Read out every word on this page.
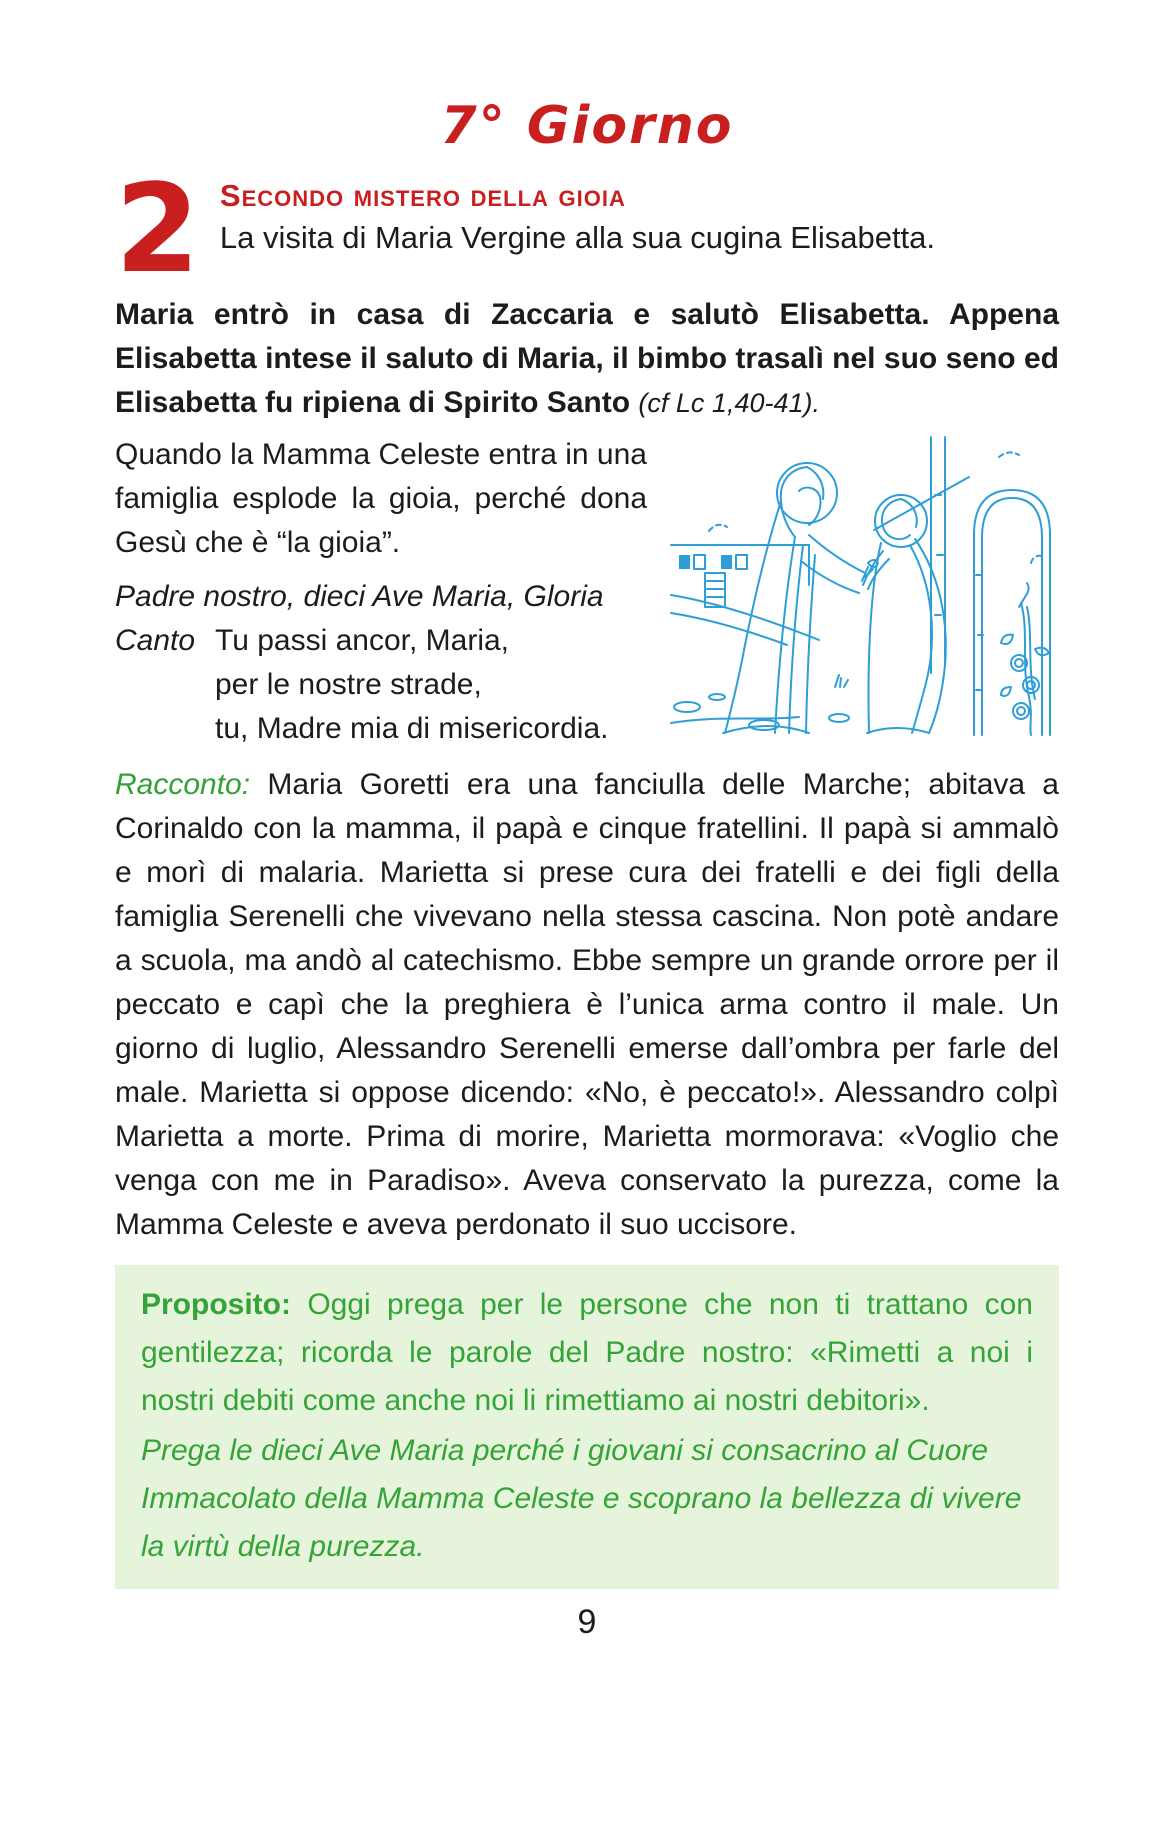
7° Giorno
2 Secondo mistero della gioia
La visita di Maria Vergine alla sua cugina Elisabetta.

Maria entrò in casa di Zaccaria e salutò Elisabetta. Appena Elisabetta intese il saluto di Maria, il bimbo trasalì nel suo seno ed Elisabetta fu ripiena di Spirito Santo (cf Lc 1,40-41).

Quando la Mamma Celeste entra in una famiglia esplode la gioia, perché dona Gesù che è “la gioia”.

Padre nostro, dieci Ave Maria, Gloria

Canto Tu passi ancor, Maria,
per le nostre strade,
tu, Madre mia di misericordia.

Racconto: Maria Goretti era una fanciulla delle Marche; abitava a Corinaldo con la mamma, il papà e cinque fratellini. Il papà si ammalò e morì di malaria. Marietta si prese cura dei fratelli e dei figli della famiglia Serenelli che vivevano nella stessa cascina. Non potè andare a scuola, ma andò al catechismo. Ebbe sempre un grande orrore per il peccato e capì che la preghiera è l’unica arma contro il male. Un giorno di luglio, Alessandro Serenelli emerse dall’ombra per farle del male. Marietta si oppose dicendo: «No, è peccato!». Alessandro colpì Marietta a morte. Prima di morire, Marietta mormorava: «Voglio che venga con me in Paradiso». Aveva conservato la purezza, come la Mamma Celeste e aveva perdonato il suo uccisore.

Proposito: Oggi prega per le persone che non ti trattano con gentilezza; ricorda le parole del Padre nostro: «Rimetti a noi i nostri debiti come anche noi li rimettiamo ai nostri debitori».
Prega le dieci Ave Maria perché i giovani si consacrino al Cuore Immacolato della Mamma Celeste e scoprano la bellezza di vivere la virtù della purezza.
9
